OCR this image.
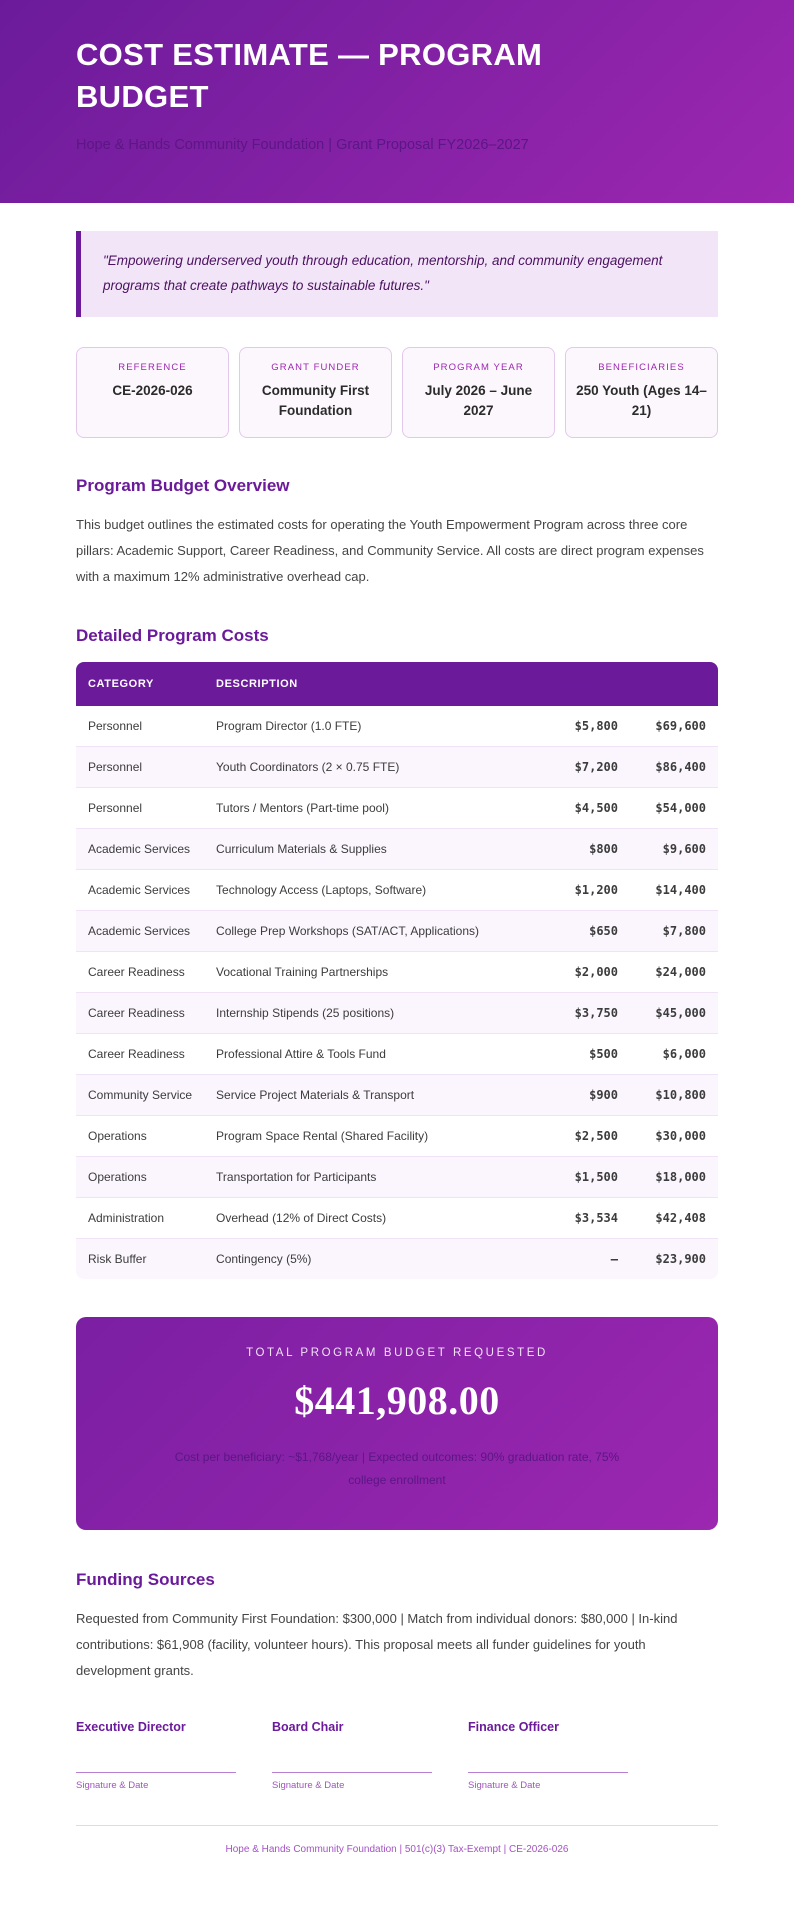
COST ESTIMATE — PROGRAM BUDGET
Hope & Hands Community Foundation | Grant Proposal FY2026–2027
"Empowering underserved youth through education, mentorship, and community engagement programs that create pathways to sustainable futures."
REFERENCE
CE-2026-026
GRANT FUNDER
Community First Foundation
PROGRAM YEAR
July 2026 – June 2027
BENEFICIARIES
250 Youth (Ages 14–21)
Program Budget Overview
This budget outlines the estimated costs for operating the Youth Empowerment Program across three core pillars: Academic Support, Career Readiness, and Community Service. All costs are direct program expenses with a maximum 12% administrative overhead cap.
Detailed Program Costs
CATEGORY	DESCRIPTION	MONTHLY	ANNUAL
Personnel	Program Director (1.0 FTE)	$5,800	$69,600
Personnel	Youth Coordinators (2 × 0.75 FTE)	$7,200	$86,400
Personnel	Tutors / Mentors (Part-time pool)	$4,500	$54,000
Academic Services	Curriculum Materials & Supplies	$800	$9,600
Academic Services	Technology Access (Laptops, Software)	$1,200	$14,400
Academic Services	College Prep Workshops (SAT/ACT, Applications)	$650	$7,800
Career Readiness	Vocational Training Partnerships	$2,000	$24,000
Career Readiness	Internship Stipends (25 positions)	$3,750	$45,000
Career Readiness	Professional Attire & Tools Fund	$500	$6,000
Community Service	Service Project Materials & Transport	$900	$10,800
Operations	Program Space Rental (Shared Facility)	$2,500	$30,000
Operations	Transportation for Participants	$1,500	$18,000
Administration	Overhead (12% of Direct Costs)	$3,534	$42,408
Risk Buffer	Contingency (5%)	—	$23,900
TOTAL PROGRAM BUDGET REQUESTED
$441,908.00
Cost per beneficiary: ~$1,768/year | Expected outcomes: 90% graduation rate, 75% college enrollment
Funding Sources
Requested from Community First Foundation: $300,000 | Match from individual donors: $80,000 | In-kind contributions: $61,908 (facility, volunteer hours). This proposal meets all funder guidelines for youth development grants.
Executive Director
Signature & Date
Board Chair
Signature & Date
Finance Officer
Signature & Date
Hope & Hands Community Foundation | 501(c)(3) Tax-Exempt | CE-2026-026
